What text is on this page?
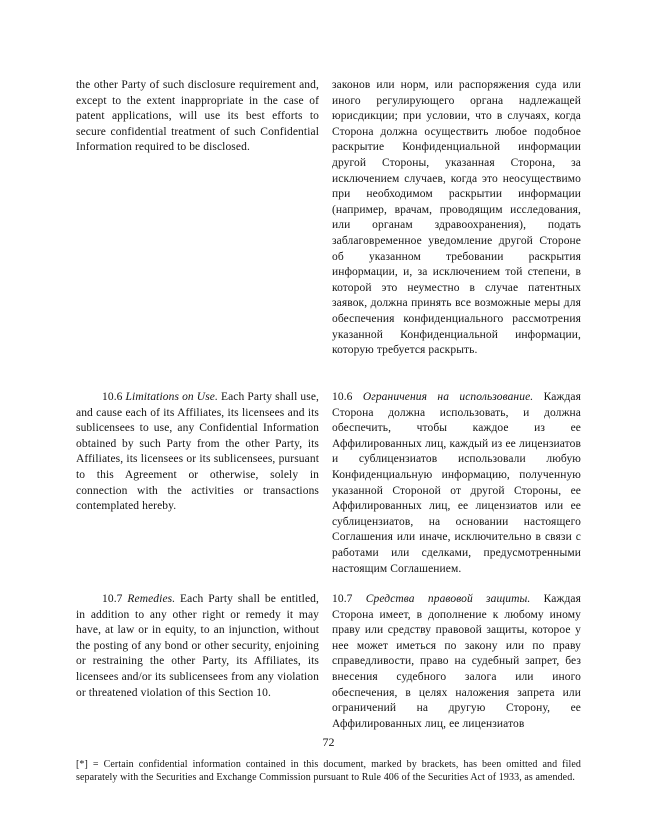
the other Party of such disclosure requirement and, except to the extent inappropriate in the case of patent applications, will use its best efforts to secure confidential treatment of such Confidential Information required to be disclosed.
законов или норм, или распоряжения суда или иного регулирующего органа надлежащей юрисдикции; при условии, что в случаях, когда Сторона должна осуществить любое подобное раскрытие Конфиденциальной информации другой Стороны, указанная Сторона, за исключением случаев, когда это неосуществимо при необходимом раскрытии информации (например, врачам, проводящим исследования, или органам здравоохранения), подать заблаговременное уведомление другой Стороне об указанном требовании раскрытия информации, и, за исключением той степени, в которой это неуместно в случае патентных заявок, должна принять все возможные меры для обеспечения конфиденциального рассмотрения указанной Конфиденциальной информации, которую требуется раскрыть.
10.6 Limitations on Use. Each Party shall use, and cause each of its Affiliates, its licensees and its sublicensees to use, any Confidential Information obtained by such Party from the other Party, its Affiliates, its licensees or its sublicensees, pursuant to this Agreement or otherwise, solely in connection with the activities or transactions contemplated hereby.
10.6 Ограничения на использование. Каждая Сторона должна использовать, и должна обеспечить, чтобы каждое из ее Аффилированных лиц, каждый из ее лицензиатов и сублицензиатов использовали любую Конфиденциальную информацию, полученную указанной Стороной от другой Стороны, ее Аффилированных лиц, ее лицензиатов или ее сублицензиатов, на основании настоящего Соглашения или иначе, исключительно в связи с работами или сделками, предусмотренными настоящим Соглашением.
10.7 Remedies. Each Party shall be entitled, in addition to any other right or remedy it may have, at law or in equity, to an injunction, without the posting of any bond or other security, enjoining or restraining the other Party, its Affiliates, its licensees and/or its sublicensees from any violation or threatened violation of this Section 10.
10.7 Средства правовой защиты. Каждая Сторона имеет, в дополнение к любому иному праву или средству правовой защиты, которое у нее может иметься по закону или по праву справедливости, право на судебный запрет, без внесения судебного залога или иного обеспечения, в целях наложения запрета или ограничений на другую Сторону, ее Аффилированных лиц, ее лицензиатов
72
[*] = Certain confidential information contained in this document, marked by brackets, has been omitted and filed separately with the Securities and Exchange Commission pursuant to Rule 406 of the Securities Act of 1933, as amended.
